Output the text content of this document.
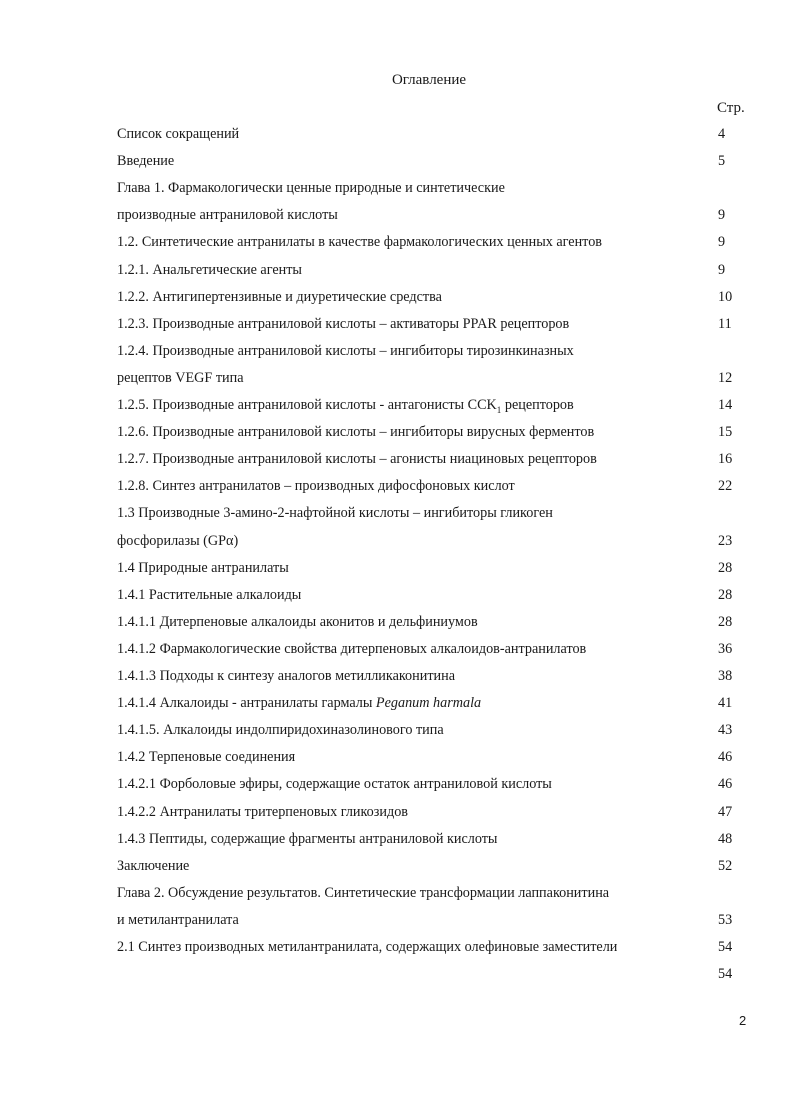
Оглавление
Стр.
Список сокращений	4
Введение	5
Глава 1. Фармакологически ценные природные и синтетические
производные антраниловой кислоты	9
1.2. Синтетические антранилаты в качестве фармакологических ценных агентов	9
1.2.1. Анальгетические агенты	9
1.2.2. Антигипертензивные и диуретические средства	10
1.2.3. Производные антраниловой кислоты – активаторы PPAR рецепторов	11
1.2.4. Производные антраниловой кислоты – ингибиторы тирозинкиназных
рецептов VEGF типа	12
1.2.5. Производные антраниловой кислоты - антагонисты $CCK_1$ рецепторов	14
1.2.6. Производные антраниловой кислоты – ингибиторы вирусных ферментов	15
1.2.7. Производные антраниловой кислоты – агонисты ниациновых рецепторов	16
1.2.8. Синтез антранилатов – производных дифосфоновых кислот	22
1.3 Производные 3-амино-2-нафтойной кислоты – ингибиторы гликоген
фосфорилазы (GPα)	23
1.4 Природные антранилаты	28
1.4.1 Растительные алкалоиды	28
1.4.1.1 Дитерпеновые алкалоиды аконитов и дельфиниумов	28
1.4.1.2 Фармакологические свойства дитерпеновых алкалоидов-антранилатов	36
1.4.1.3 Подходы к синтезу аналогов метилликаконитина	38
1.4.1.4 Алкалоиды - антранилаты гармалы Peganum harmala	41
1.4.1.5. Алкалоиды индолпиридохиназолинового типа	43
1.4.2 Терпеновые соединения	46
1.4.2.1 Форболовые эфиры, содержащие остаток антраниловой кислоты	46
1.4.2.2 Антранилаты тритерпеновых гликозидов	47
1.4.3 Пептиды, содержащие фрагменты антраниловой кислоты	48
Заключение	52
Глава 2. Обсуждение результатов. Синтетические трансформации лаппаконитина
и метилантранилата	53
2.1 Синтез производных метилантранилата, содержащих олефиновые заместители	54
54
2
